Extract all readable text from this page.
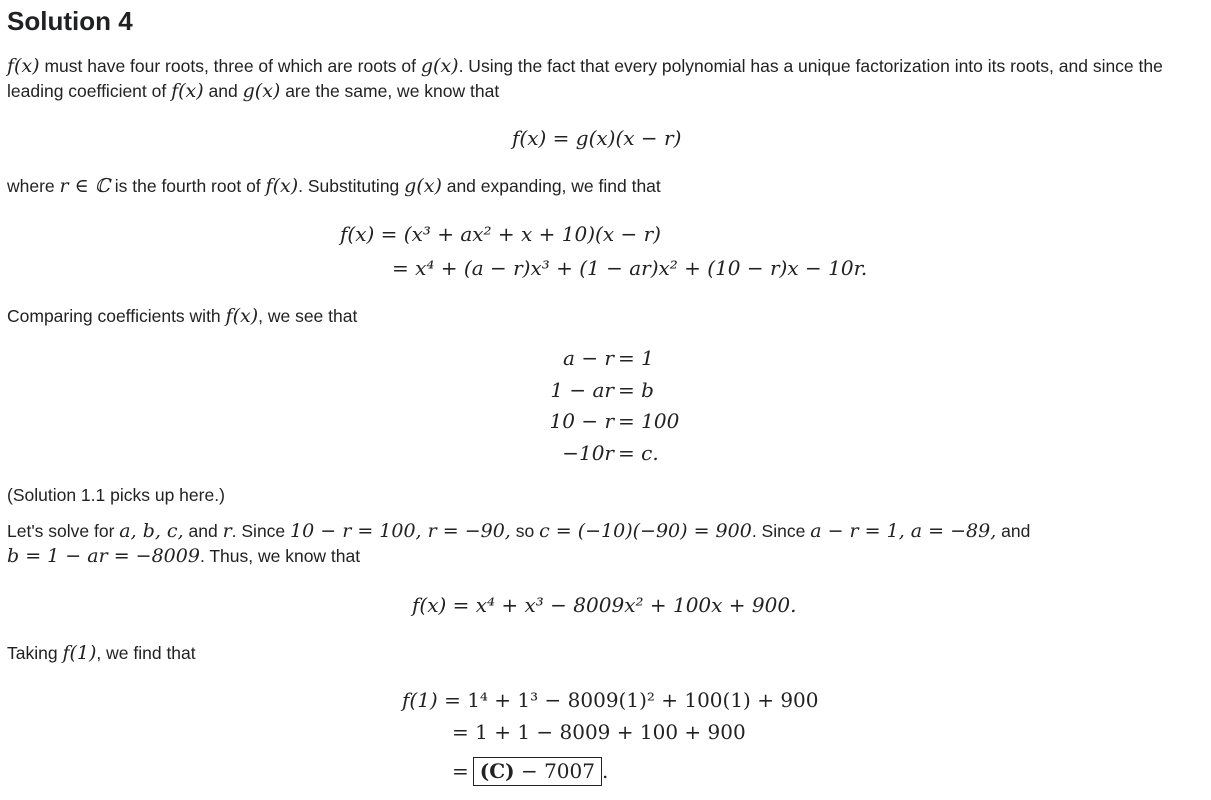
Solution 4

f(x) must have four roots, three of which are roots of g(x). Using the fact that every polynomial has a unique factorization into its roots, and since the leading coefficient of f(x) and g(x) are the same, we know that

f(x) = g(x)(x − r)

where r ∈ ℂ is the fourth root of f(x). Substituting g(x) and expanding, we find that

f(x) = (x³ + ax² + x + 10)(x − r)
= x⁴ + (a − r)x³ + (1 − ar)x² + (10 − r)x − 10r.

Comparing coefficients with f(x), we see that

a − r = 1
1 − ar = b
10 − r = 100
−10r = c.

(Solution 1.1 picks up here.)

Let's solve for a, b, c, and r. Since 10 − r = 100, r = −90, so c = (−10)(−90) = 900. Since a − r = 1, a = −89, and
b = 1 − ar = −8009. Thus, we know that

f(x) = x⁴ + x³ − 8009x² + 100x + 900.

Taking f(1), we find that

f(1) = 1⁴ + 1³ − 8009(1)² + 100(1) + 900
= 1 + 1 − 8009 + 100 + 900
= (C) − 7007 .
